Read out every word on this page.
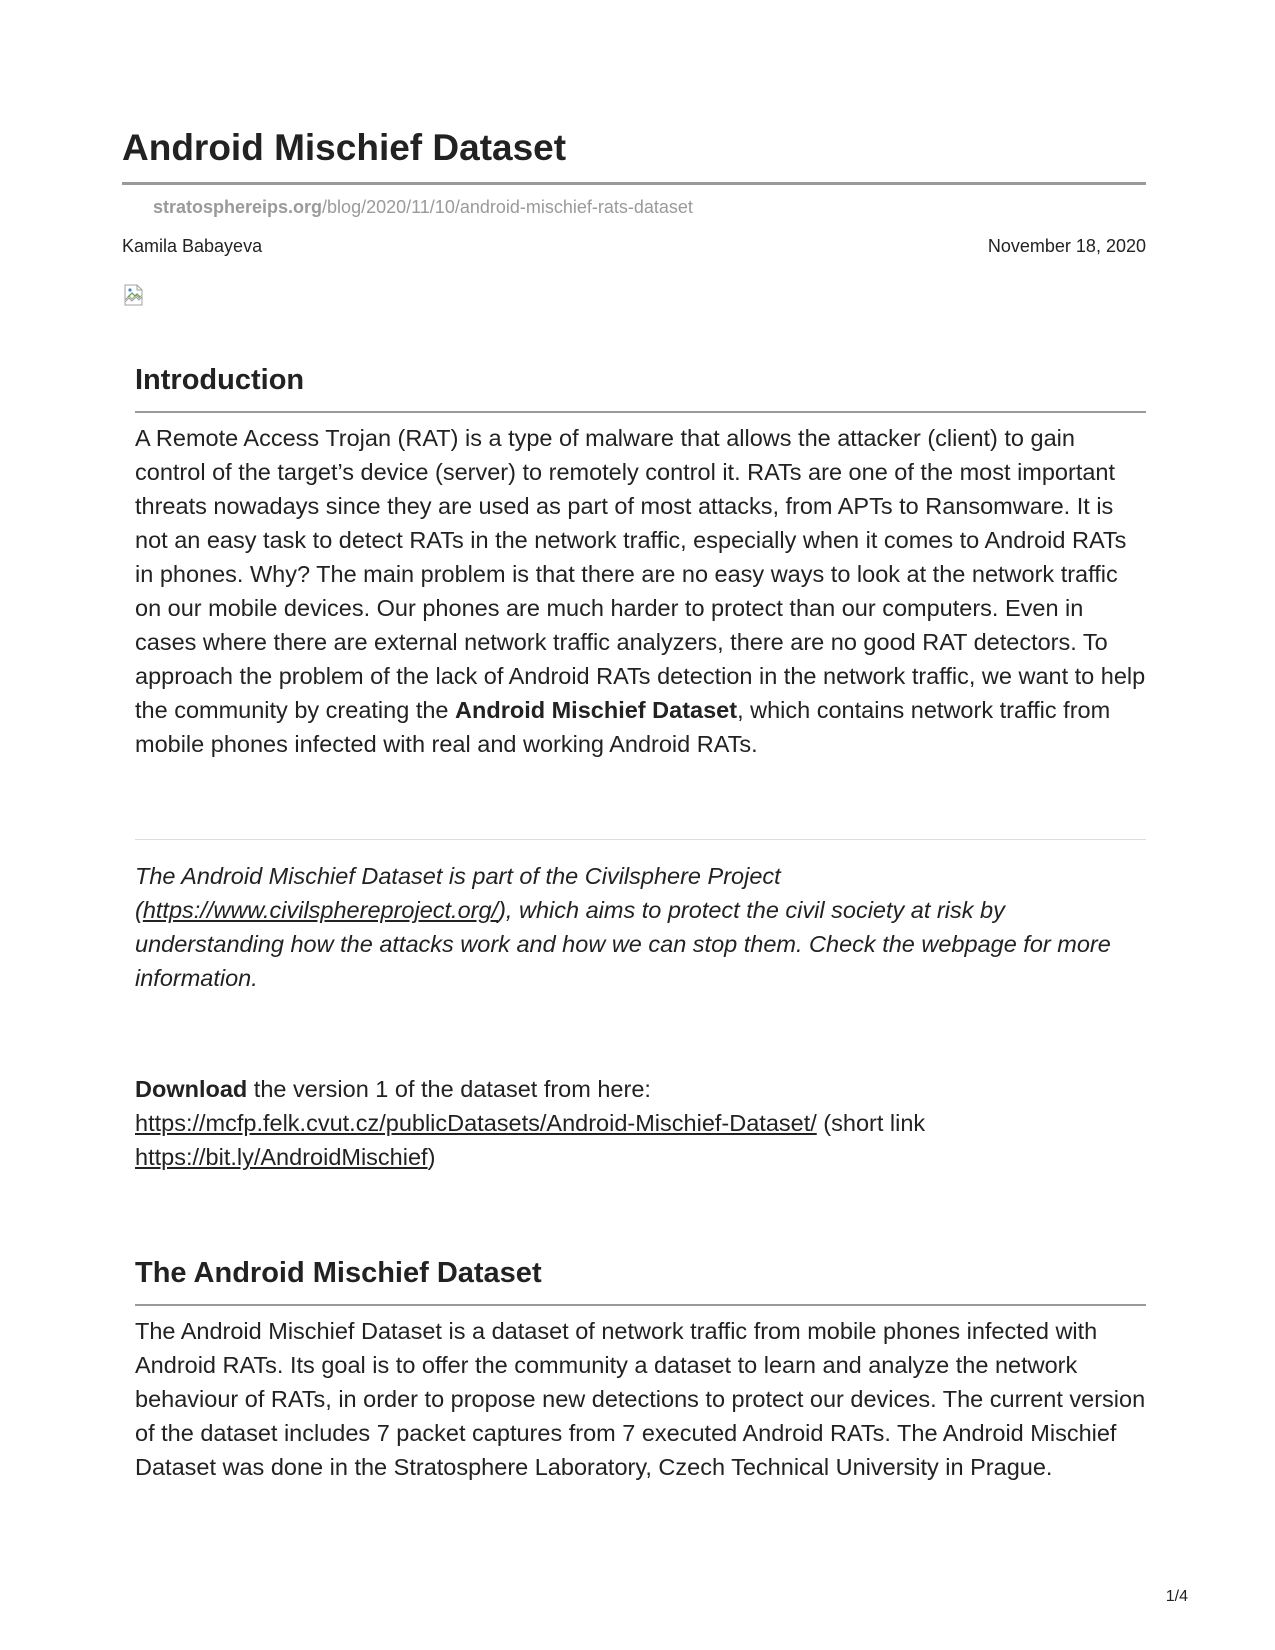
Android Mischief Dataset
stratosphereips.org/blog/2020/11/10/android-mischief-rats-dataset
Kamila Babayeva	November 18, 2020
Introduction

A Remote Access Trojan (RAT) is a type of malware that allows the attacker (client) to gain control of the target’s device (server) to remotely control it. RATs are one of the most important threats nowadays since they are used as part of most attacks, from APTs to Ransomware. It is not an easy task to detect RATs in the network traffic, especially when it comes to Android RATs in phones. Why? The main problem is that there are no easy ways to look at the network traffic on our mobile devices. Our phones are much harder to protect than our computers. Even in cases where there are external network traffic analyzers, there are no good RAT detectors. To approach the problem of the lack of Android RATs detection in the network traffic, we want to help the community by creating the Android Mischief Dataset, which contains network traffic from mobile phones infected with real and working Android RATs.

The Android Mischief Dataset is part of the Civilsphere Project (https://www.civilsphereproject.org/), which aims to protect the civil society at risk by understanding how the attacks work and how we can stop them. Check the webpage for more information.

Download the version 1 of the dataset from here: https://mcfp.felk.cvut.cz/publicDatasets/Android-Mischief-Dataset/ (short link https://bit.ly/AndroidMischief)

The Android Mischief Dataset

The Android Mischief Dataset is a dataset of network traffic from mobile phones infected with Android RATs. Its goal is to offer the community a dataset to learn and analyze the network behaviour of RATs, in order to propose new detections to protect our devices. The current version of the dataset includes 7 packet captures from 7 executed Android RATs. The Android Mischief Dataset was done in the Stratosphere Laboratory, Czech Technical University in Prague.

1/4
